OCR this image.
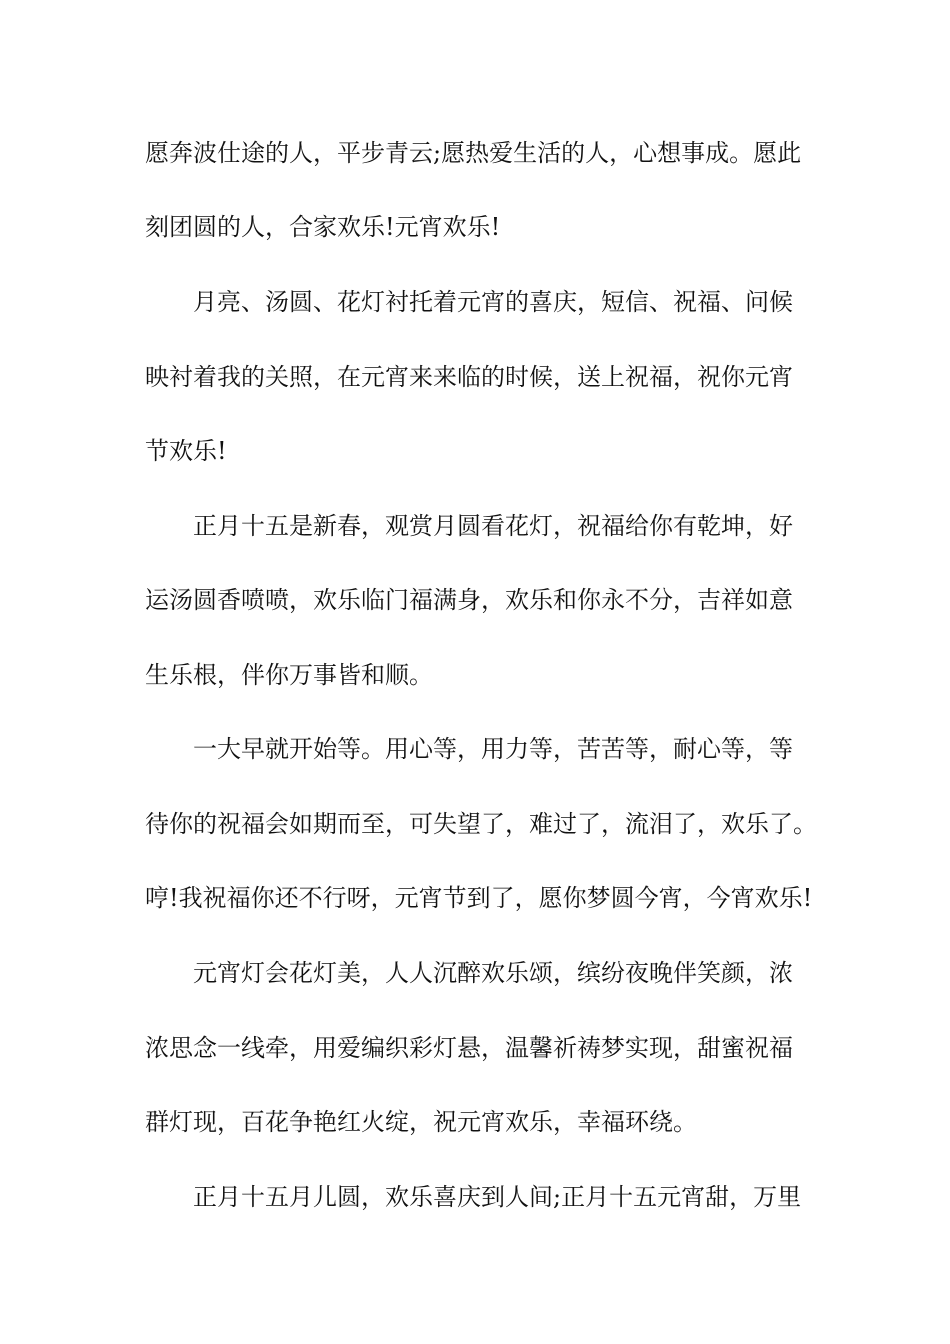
愿奔波仕途的人，平步青云;愿热爱生活的人，心想事成。愿此
刻团圆的人，合家欢乐!元宵欢乐!
月亮、汤圆、花灯衬托着元宵的喜庆，短信、祝福、问候
映衬着我的关照，在元宵来来临的时候，送上祝福，祝你元宵
节欢乐!
正月十五是新春，观赏月圆看花灯，祝福给你有乾坤，好
运汤圆香喷喷，欢乐临门福满身，欢乐和你永不分，吉祥如意
生乐根，伴你万事皆和顺。
一大早就开始等。用心等，用力等，苦苦等，耐心等，等
待你的祝福会如期而至，可失望了，难过了，流泪了，欢乐了。
哼!我祝福你还不行呀，元宵节到了，愿你梦圆今宵，今宵欢乐!
元宵灯会花灯美，人人沉醉欢乐颂，缤纷夜晚伴笑颜，浓
浓思念一线牵，用爱编织彩灯悬，温馨祈祷梦实现，甜蜜祝福
群灯现，百花争艳红火绽，祝元宵欢乐，幸福环绕。
正月十五月儿圆，欢乐喜庆到人间;正月十五元宵甜，万里
